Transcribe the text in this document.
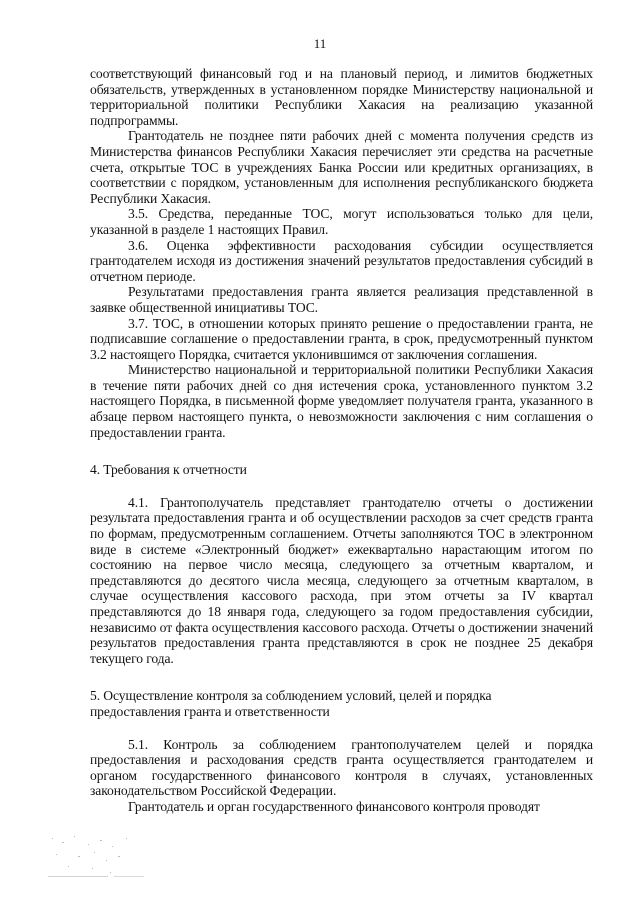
11

соответствующий финансовый год и на плановый период, и лимитов бюджетных обязательств, утвержденных в установленном порядке Министерству национальной и территориальной политики Республики Хакасия на реализацию указанной подпрограммы.

Грантодатель не позднее пяти рабочих дней с момента получения средств из Министерства финансов Республики Хакасия перечисляет эти средства на расчетные счета, открытые ТОС в учреждениях Банка России или кредитных организациях, в соответствии с порядком, установленным для исполнения республиканского бюджета Республики Хакасия.

3.5. Средства, переданные ТОС, могут использоваться только для цели, указанной в разделе 1 настоящих Правил.

3.6. Оценка эффективности расходования субсидии осуществляется грантодателем исходя из достижения значений результатов предоставления субсидий в отчетном периоде.

Результатами предоставления гранта является реализация представленной в заявке общественной инициативы ТОС.

3.7. ТОС, в отношении которых принято решение о предоставлении гранта, не подписавшие соглашение о предоставлении гранта, в срок, предусмотренный пунктом 3.2 настоящего Порядка, считается уклонившимся от заключения соглашения.

Министерство национальной и территориальной политики Республики Хакасия в течение пяти рабочих дней со дня истечения срока, установленного пунктом 3.2 настоящего Порядка, в письменной форме уведомляет получателя гранта, указанного в абзаце первом настоящего пункта, о невозможности заключения с ним соглашения о предоставлении гранта.

4. Требования к отчетности

4.1. Грантополучатель представляет грантодателю отчеты о достижении результата предоставления гранта и об осуществлении расходов за счет средств гранта по формам, предусмотренным соглашением. Отчеты заполняются ТОС в электронном виде в системе «Электронный бюджет» ежеквартально нарастающим итогом по состоянию на первое число месяца, следующего за отчетным кварталом, и представляются до десятого числа месяца, следующего за отчетным кварталом, в случае осуществления кассового расхода, при этом отчеты за IV квартал представляются до 18 января года, следующего за годом предоставления субсидии, независимо от факта осуществления кассового расхода. Отчеты о достижении значений результатов предоставления гранта представляются в срок не позднее 25 декабря текущего года.

5. Осуществление контроля за соблюдением условий, целей и порядка
предоставления гранта и ответственности

5.1. Контроль за соблюдением грантополучателем целей и порядка предоставления и расходования средств гранта осуществляется грантодателем и органом государственного финансового контроля в случаях, установленных законодательством Российской Федерации.

Грантодатель и орган государственного финансового контроля проводят
